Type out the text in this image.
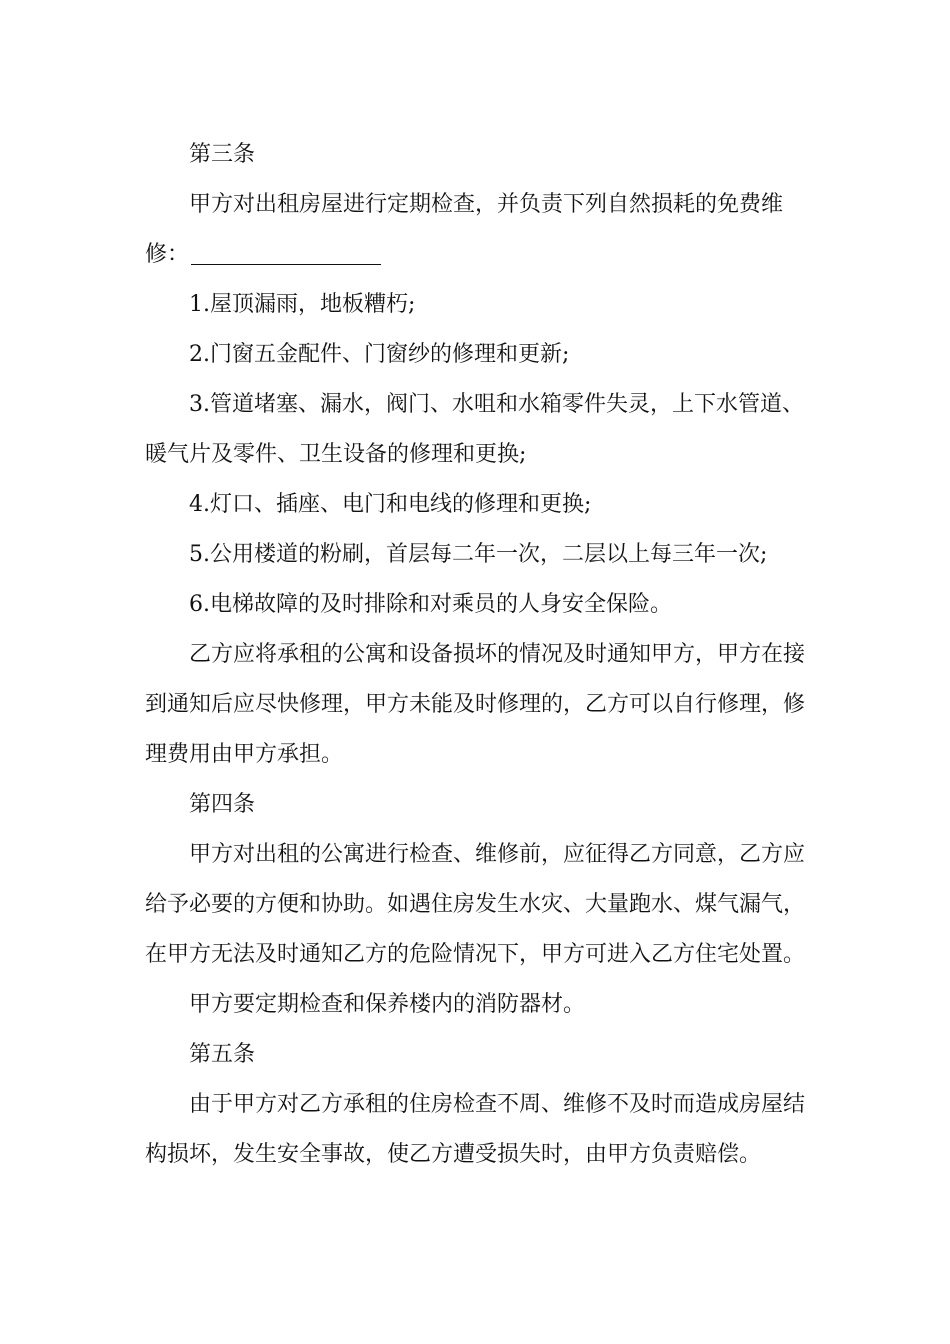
第三条

甲方对出租房屋进行定期检查，并负责下列自然损耗的免费维修：

1.屋顶漏雨，地板糟朽;

2.门窗五金配件、门窗纱的修理和更新;

3.管道堵塞、漏水，阀门、水咀和水箱零件失灵，上下水管道、暖气片及零件、卫生设备的修理和更换;

4.灯口、插座、电门和电线的修理和更换;

5.公用楼道的粉刷，首层每二年一次，二层以上每三年一次;

6.电梯故障的及时排除和对乘员的人身安全保险。

乙方应将承租的公寓和设备损坏的情况及时通知甲方，甲方在接到通知后应尽快修理，甲方未能及时修理的，乙方可以自行修理，修理费用由甲方承担。

第四条

甲方对出租的公寓进行检查、维修前，应征得乙方同意，乙方应给予必要的方便和协助。如遇住房发生水灾、大量跑水、煤气漏气，在甲方无法及时通知乙方的危险情况下，甲方可进入乙方住宅处置。

甲方要定期检查和保养楼内的消防器材。

第五条

由于甲方对乙方承租的住房检查不周、维修不及时而造成房屋结构损坏，发生安全事故，使乙方遭受损失时，由甲方负责赔偿。
